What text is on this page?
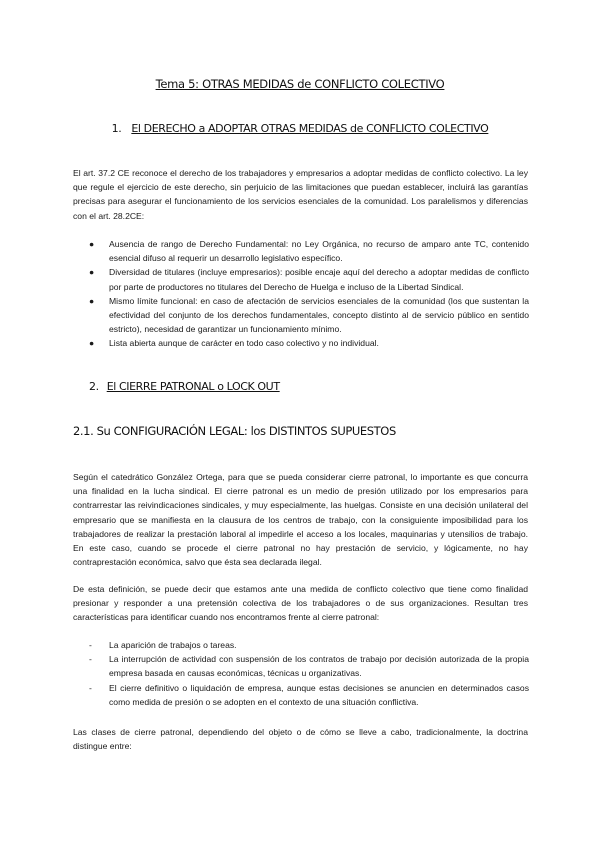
Tema 5: OTRAS MEDIDAS de CONFLICTO COLECTIVO
1. El DERECHO a ADOPTAR OTRAS MEDIDAS de CONFLICTO COLECTIVO

El art. 37.2 CE reconoce el derecho de los trabajadores y empresarios a adoptar medidas de conflicto colectivo. La ley que regule el ejercicio de este derecho, sin perjuicio de las limitaciones que puedan establecer, incluirá las garantías precisas para asegurar el funcionamiento de los servicios esenciales de la comunidad. Los paralelismos y diferencias con el art. 28.2CE:

● Ausencia de rango de Derecho Fundamental: no Ley Orgánica, no recurso de amparo ante TC, contenido esencial difuso al requerir un desarrollo legislativo específico.
● Diversidad de titulares (incluye empresarios): posible encaje aquí del derecho a adoptar medidas de conflicto por parte de productores no titulares del Derecho de Huelga e incluso de la Libertad Sindical.
● Mismo límite funcional: en caso de afectación de servicios esenciales de la comunidad (los que sustentan la efectividad del conjunto de los derechos fundamentales, concepto distinto al de servicio público en sentido estricto), necesidad de garantizar un funcionamiento mínimo.
● Lista abierta aunque de carácter en todo caso colectivo y no individual.
2. El CIERRE PATRONAL o LOCK OUT
2.1. Su CONFIGURACIÓN LEGAL: los DISTINTOS SUPUESTOS

Según el catedrático González Ortega, para que se pueda considerar cierre patronal, lo importante es que concurra una finalidad en la lucha sindical. El cierre patronal es un medio de presión utilizado por los empresarios para contrarrestar las reivindicaciones sindicales, y muy especialmente, las huelgas. Consiste en una decisión unilateral del empresario que se manifiesta en la clausura de los centros de trabajo, con la consiguiente imposibilidad para los trabajadores de realizar la prestación laboral al impedirle el acceso a los locales, maquinarias y utensilios de trabajo. En este caso, cuando se procede el cierre patronal no hay prestación de servicio, y lógicamente, no hay contraprestación económica, salvo que ésta sea declarada ilegal.

De esta definición, se puede decir que estamos ante una medida de conflicto colectivo que tiene como finalidad presionar y responder a una pretensión colectiva de los trabajadores o de sus organizaciones. Resultan tres características para identificar cuando nos encontramos frente al cierre patronal:

- La aparición de trabajos o tareas.
- La interrupción de actividad con suspensión de los contratos de trabajo por decisión autorizada de la propia empresa basada en causas económicas, técnicas u organizativas.
- El cierre definitivo o liquidación de empresa, aunque estas decisiones se anuncien en determinados casos como medida de presión o se adopten en el contexto de una situación conflictiva.

Las clases de cierre patronal, dependiendo del objeto o de cómo se lleve a cabo, tradicionalmente, la doctrina distingue entre:
